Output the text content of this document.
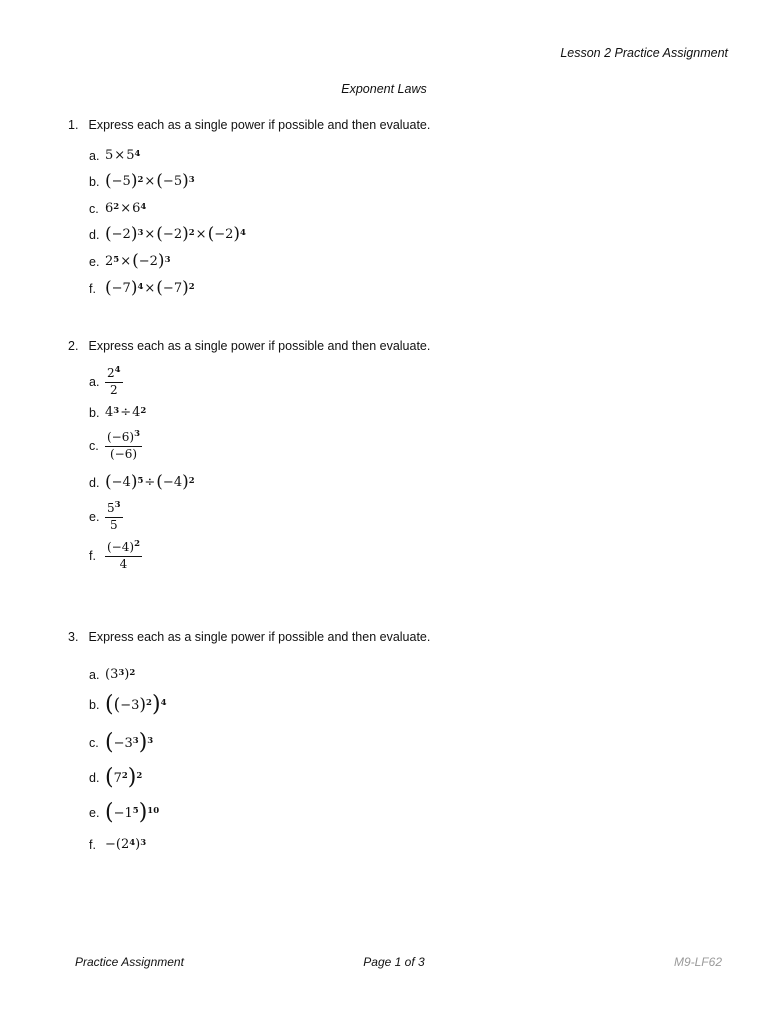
Lesson 2 Practice Assignment
Exponent Laws
1. Express each as a single power if possible and then evaluate.
a. $5 \times 5^4$
b. ( −5 )$^2$ × ( −5 )$^3$
c. $6^2 \times 6^4$
d. ( −2 )$^3$ × ( −2 )$^2$ × ( −2 )$^4$
e. $2^5$ × ( −2 )$^3$
f. ( −7 )$^4$ × ( −7 )$^2$
2. Express each as a single power if possible and then evaluate.
a. $\frac{2^4}{2}$
b. $4^3 \div 4^2$
c. $\frac{(-6)^3}{(-6)}$
d. ( −4 )$^5$ ÷ ( −4 )$^2$
e. $\frac{5^3}{5}$
f. $\frac{(-4)^2}{4}$
3. Express each as a single power if possible and then evaluate.
a. ($3^3$ )$^2$
b. ( ( −3 )$^2$ )$^4$
c. ( $-3^3$ )$^3$
d. ( $7^2$ )$^2$
e. ( $-1^5$ )$^{10}$
f. $-(2^4$ )$^3$
Practice Assignment	Page 1 of 3	M9-LF62
